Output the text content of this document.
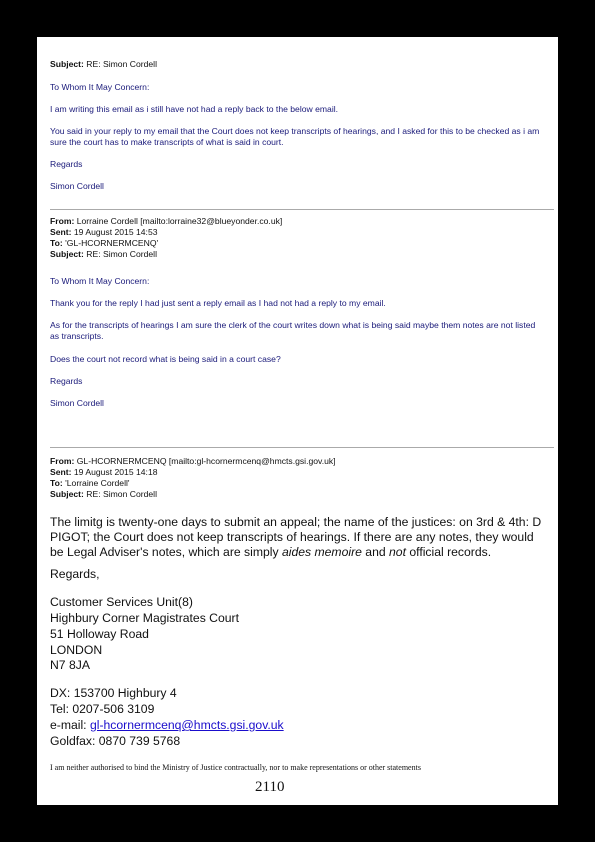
Subject: RE: Simon Cordell
To Whom It May Concern:
I am writing this email as i still have not had a reply back to the below email.
You said in your reply to my email that the Court does not keep transcripts of hearings, and I asked for this to be checked as i am sure the court has to make transcripts of what is said in court.
Regards
Simon Cordell
From: Lorraine Cordell [mailto:lorraine32@blueyonder.co.uk]
Sent: 19 August 2015 14:53
To: 'GL-HCORNERMCENQ'
Subject: RE: Simon Cordell
To Whom It May Concern:
Thank you for the reply I had just sent a reply email as I had not had a reply to my email.
As for the transcripts of hearings I am sure the clerk of the court writes down what is being said maybe them notes are not listed as transcripts.
Does the court not record what is being said in a court case?
Regards
Simon Cordell
From: GL-HCORNERMCENQ [mailto:gl-hcornermcenq@hmcts.gsi.gov.uk]
Sent: 19 August 2015 14:18
To: 'Lorraine Cordell'
Subject: RE: Simon Cordell
The limitg is twenty-one days to submit an appeal; the name of the justices: on 3rd & 4th: D PIGOT; the Court does not keep transcripts of hearings. If there are any notes, they would be Legal Adviser's notes, which are simply aides memoire and not official records.
Regards,
Customer Services Unit(8)
Highbury Corner Magistrates Court
51 Holloway Road
LONDON
N7 8JA
DX: 153700 Highbury 4
Tel: 0207-506 3109
e-mail: gl-hcornermcenq@hmcts.gsi.gov.uk
Goldfax: 0870 739 5768
I am neither authorised to bind the Ministry of Justice contractually, nor to make representations or other statements
2110
